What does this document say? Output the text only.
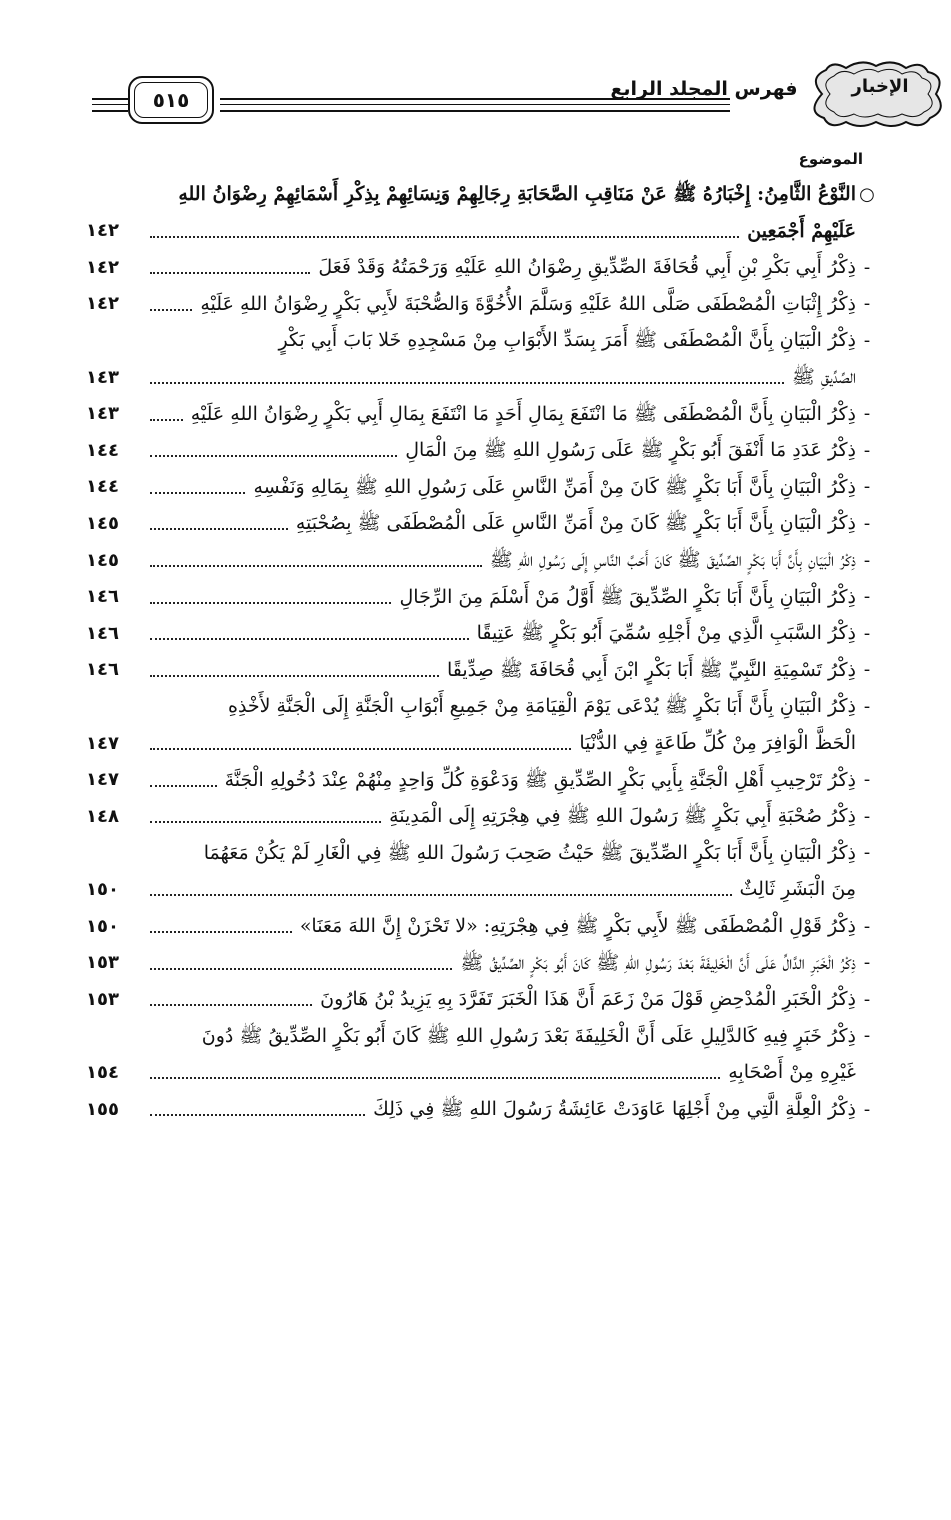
٥١٥	فهرس المجلد الرابع	الإخبار
الموضوع
○
النَّوْعُ الثَّامِنُ: إِخْبَارُهُ ﷺ عَنْ مَنَاقِبِ الصَّحَابَةِ رِجَالِهِمْ وَنِسَائِهِمْ بِذِكْرِ أَسْمَائِهِمْ رِضْوَانُ اللهِ
عَلَيْهِمْ أَجْمَعِين
١٤٢
-
ذِكْرُ أَبِي بَكْرِ بْنِ أَبِي قُحَافَةَ الصِّدِّيقِ رِضْوَانُ اللهِ عَلَيْهِ وَرَحْمَتُهُ وَقَدْ فَعَلَ
١٤٢
-
ذِكْرُ إِثْبَاتِ الْمُصْطَفَى صَلَّى اللهُ عَلَيْهِ وَسَلَّمَ الأُخُوَّةَ وَالصُّحْبَةَ لأَبِي بَكْرٍ رِضْوَانُ اللهِ عَلَيْهِ
١٤٢
-
ذِكْرُ الْبَيَانِ بِأَنَّ الْمُصْطَفَى ﷺ أَمَرَ بِسَدِّ الأَبْوَابِ مِنْ مَسْجِدِهِ خَلا بَابَ أَبِي بَكْرٍ
الصِّدِّيقِ ﷺ
١٤٣
-
ذِكْرُ الْبَيَانِ بِأَنَّ الْمُصْطَفَى ﷺ مَا انْتَفَعَ بِمَالِ أَحَدٍ مَا انْتَفَعَ بِمَالِ أَبِي بَكْرٍ رِضْوَانُ اللهِ عَلَيْهِ
١٤٣
-
ذِكْرُ عَدَدِ مَا أَنْفَقَ أَبُو بَكْرٍ ﷺ عَلَى رَسُولِ اللهِ ﷺ مِنَ الْمَالِ
١٤٤
-
ذِكْرُ الْبَيَانِ بِأَنَّ أَبَا بَكْرٍ ﷺ كَانَ مِنْ أَمَنِّ النَّاسِ عَلَى رَسُولِ اللهِ ﷺ بِمَالِهِ وَنَفْسِهِ
١٤٤
-
ذِكْرُ الْبَيَانِ بِأَنَّ أَبَا بَكْرٍ ﷺ كَانَ مِنْ أَمَنِّ النَّاسِ عَلَى الْمُصْطَفَى ﷺ بِصُحْبَتِهِ
١٤٥
-
ذِكْرُ الْبَيَانِ بِأَنَّ أَبَا بَكْرٍ الصِّدِّيقَ ﷺ كَانَ أَحَبَّ النَّاسِ إِلَى رَسُولِ اللهِ ﷺ
١٤٥
-
ذِكْرُ الْبَيَانِ بِأَنَّ أَبَا بَكْرٍ الصِّدِّيقَ ﷺ أَوَّلُ مَنْ أَسْلَمَ مِنَ الرِّجَالِ
١٤٦
-
ذِكْرُ السَّبَبِ الَّذِي مِنْ أَجْلِهِ سُمِّيَ أَبُو بَكْرٍ ﷺ عَتِيقًا
١٤٦
-
ذِكْرُ تَسْمِيَةِ النَّبِيِّ ﷺ أَبَا بَكْرٍ ابْنَ أَبِي قُحَافَةَ ﷺ صِدِّيقًا
١٤٦
-
ذِكْرُ الْبَيَانِ بِأَنَّ أَبَا بَكْرٍ ﷺ يُدْعَى يَوْمَ الْقِيَامَةِ مِنْ جَمِيعِ أَبْوَابِ الْجَنَّةِ إِلَى الْجَنَّةِ لأَخْذِهِ
الْحَظَّ الْوَافِرَ مِنْ كُلِّ طَاعَةٍ فِي الدُّنْيَا
١٤٧
-
ذِكْرُ تَرْحِيبِ أَهْلِ الْجَنَّةِ بِأَبِي بَكْرٍ الصِّدِّيقِ ﷺ وَدَعْوَةِ كُلِّ وَاحِدٍ مِنْهُمْ عِنْدَ دُخُولِهِ الْجَنَّةَ
١٤٧
-
ذِكْرُ صُحْبَةِ أَبِي بَكْرٍ ﷺ رَسُولَ اللهِ ﷺ فِي هِجْرَتِهِ إِلَى الْمَدِينَةِ
١٤٨
-
ذِكْرُ الْبَيَانِ بِأَنَّ أَبَا بَكْرٍ الصِّدِّيقَ ﷺ حَيْثُ صَحِبَ رَسُولَ اللهِ ﷺ فِي الْغَارِ لَمْ يَكُنْ مَعَهُمَا
مِنَ الْبَشَرِ ثَالِثٌ
١٥٠
-
ذِكْرُ قَوْلِ الْمُصْطَفَى ﷺ لأَبِي بَكْرٍ ﷺ فِي هِجْرَتِهِ: «لا تَحْزَنْ إِنَّ اللهَ مَعَنَا»
١٥٠
-
ذِكْرُ الْخَبَرِ الدَّالِّ عَلَى أَنَّ الْخَلِيفَةَ بَعْدَ رَسُولِ اللهِ ﷺ كَانَ أَبُو بَكْرٍ الصِّدِّيقُ ﷺ
١٥٣
-
ذِكْرُ الْخَبَرِ الْمُدْحِضِ قَوْلَ مَنْ زَعَمَ أَنَّ هَذَا الْخَبَرَ تَفَرَّدَ بِهِ يَزِيدُ بْنُ هَارُونَ
١٥٣
-
ذِكْرُ خَبَرٍ فِيهِ كَالدَّلِيلِ عَلَى أَنَّ الْخَلِيفَةَ بَعْدَ رَسُولِ اللهِ ﷺ كَانَ أَبُو بَكْرٍ الصِّدِّيقُ ﷺ دُونَ
غَيْرِهِ مِنْ أَصْحَابِهِ
١٥٤
-
ذِكْرُ الْعِلَّةِ الَّتِي مِنْ أَجْلِهَا عَاوَدَتْ عَائِشَةُ رَسُولَ اللهِ ﷺ فِي ذَلِكَ
١٥٥
